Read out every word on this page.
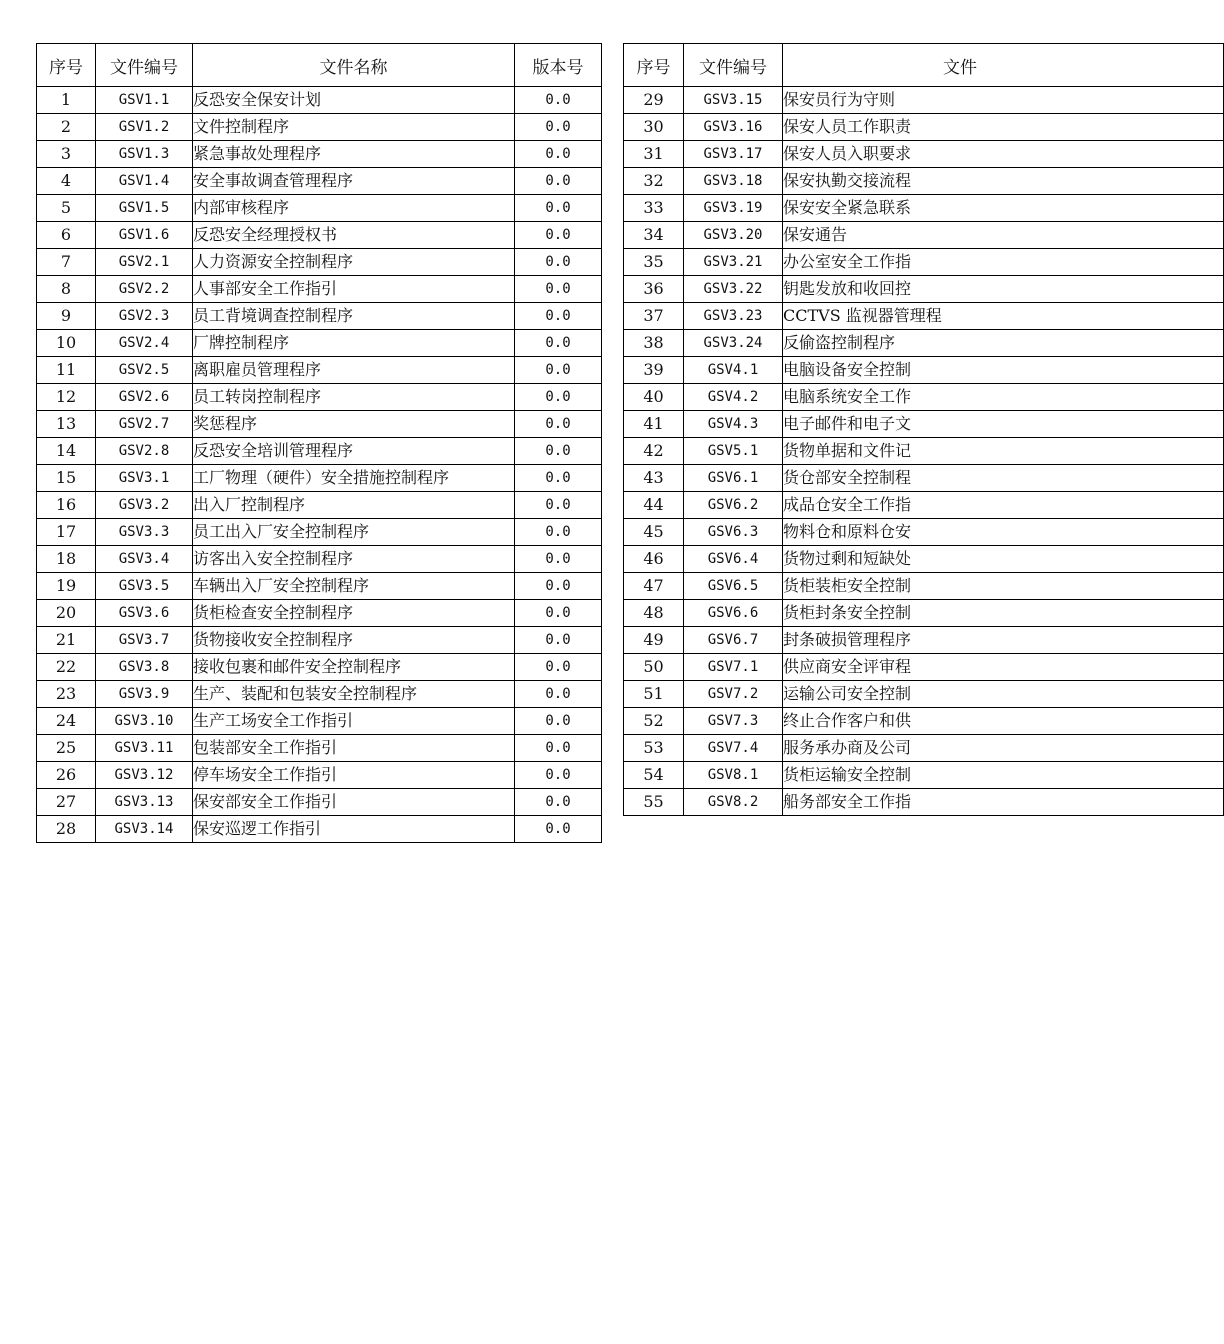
序号	文件编号	文件名称	版本号
1	GSV1.1	反恐安全保安计划	0.0
2	GSV1.2	文件控制程序	0.0
3	GSV1.3	紧急事故处理程序	0.0
4	GSV1.4	安全事故调查管理程序	0.0
5	GSV1.5	内部审核程序	0.0
6	GSV1.6	反恐安全经理授权书	0.0
7	GSV2.1	人力资源安全控制程序	0.0
8	GSV2.2	人事部安全工作指引	0.0
9	GSV2.3	员工背境调查控制程序	0.0
10	GSV2.4	厂牌控制程序	0.0
11	GSV2.5	离职雇员管理程序	0.0
12	GSV2.6	员工转岗控制程序	0.0
13	GSV2.7	奖惩程序	0.0
14	GSV2.8	反恐安全培训管理程序	0.0
15	GSV3.1	工厂物理（硬件）安全措施控制程序	0.0
16	GSV3.2	出入厂控制程序	0.0
17	GSV3.3	员工出入厂安全控制程序	0.0
18	GSV3.4	访客出入安全控制程序	0.0
19	GSV3.5	车辆出入厂安全控制程序	0.0
20	GSV3.6	货柜检查安全控制程序	0.0
21	GSV3.7	货物接收安全控制程序	0.0
22	GSV3.8	接收包裹和邮件安全控制程序	0.0
23	GSV3.9	生产、装配和包装安全控制程序	0.0
24	GSV3.10	生产工场安全工作指引	0.0
25	GSV3.11	包装部安全工作指引	0.0
26	GSV3.12	停车场安全工作指引	0.0
27	GSV3.13	保安部安全工作指引	0.0
28	GSV3.14	保安巡逻工作指引	0.0
序号	文件编号	文件
29	GSV3.15	保安员行为守则
30	GSV3.16	保安人员工作职责
31	GSV3.17	保安人员入职要求
32	GSV3.18	保安执勤交接流程
33	GSV3.19	保安安全紧急联系
34	GSV3.20	保安通告
35	GSV3.21	办公室安全工作指
36	GSV3.22	钥匙发放和收回控
37	GSV3.23	CCTVS 监视器管理程
38	GSV3.24	反偷盗控制程序
39	GSV4.1	电脑设备安全控制
40	GSV4.2	电脑系统安全工作
41	GSV4.3	电子邮件和电子文
42	GSV5.1	货物单据和文件记
43	GSV6.1	货仓部安全控制程
44	GSV6.2	成品仓安全工作指
45	GSV6.3	物料仓和原料仓安
46	GSV6.4	货物过剩和短缺处
47	GSV6.5	货柜装柜安全控制
48	GSV6.6	货柜封条安全控制
49	GSV6.7	封条破损管理程序
50	GSV7.1	供应商安全评审程
51	GSV7.2	运输公司安全控制
52	GSV7.3	终止合作客户和供
53	GSV7.4	服务承办商及公司
54	GSV8.1	货柜运输安全控制
55	GSV8.2	船务部安全工作指
